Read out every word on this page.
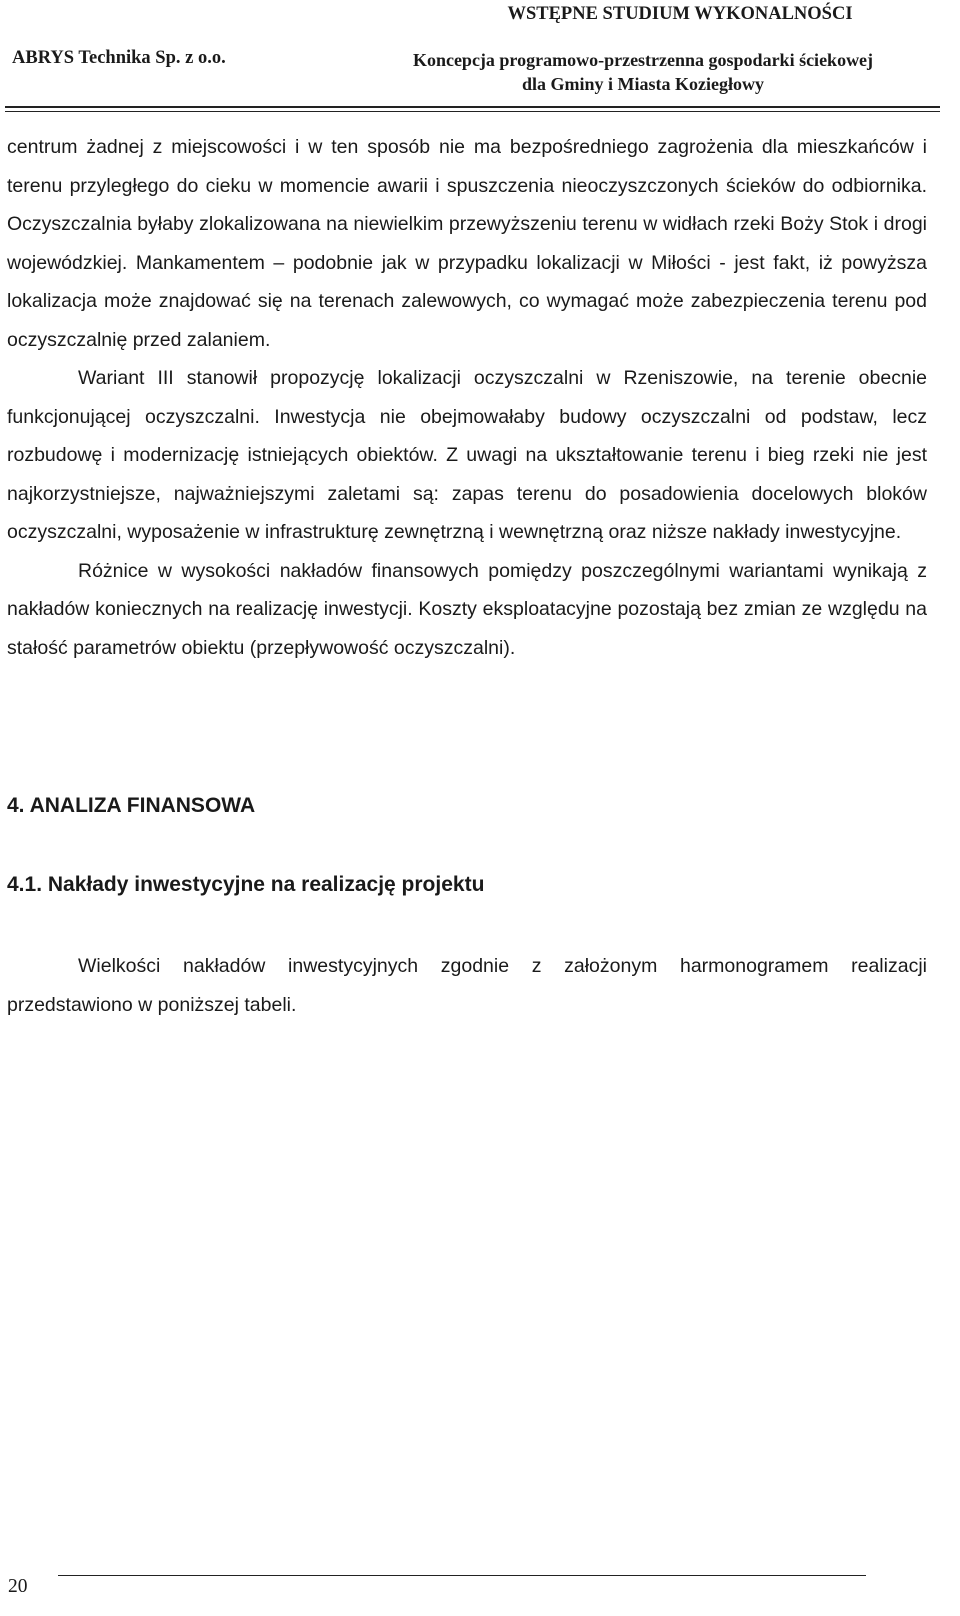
WSTĘPNE STUDIUM WYKONALNOŚCI
ABRYS Technika Sp. z o.o.	Koncepcja programowo-przestrzenna gospodarki ściekowej
dla Gminy i Miasta Koziegłowy

centrum żadnej z miejscowości i w ten sposób nie ma bezpośredniego zagrożenia dla mieszkańców i terenu przyległego do cieku w momencie awarii i spuszczenia nieoczyszczonych ścieków do odbiornika. Oczyszczalnia byłaby zlokalizowana na niewielkim przewyższeniu terenu w widłach rzeki Boży Stok i drogi wojewódzkiej. Mankamentem – podobnie jak w przypadku lokalizacji w Miłości - jest fakt, iż powyższa lokalizacja może znajdować się na terenach zalewowych, co wymagać może zabezpieczenia terenu pod oczyszczalnię przed zalaniem.

Wariant III stanowił propozycję lokalizacji oczyszczalni w Rzeniszowie, na terenie obecnie funkcjonującej oczyszczalni. Inwestycja nie obejmowałaby budowy oczyszczalni od podstaw, lecz rozbudowę i modernizację istniejących obiektów. Z uwagi na ukształtowanie terenu i bieg rzeki nie jest najkorzystniejsze, najważniejszymi zaletami są: zapas terenu do posadowienia docelowych bloków oczyszczalni, wyposażenie w infrastrukturę zewnętrzną i wewnętrzną oraz niższe nakłady inwestycyjne.

Różnice w wysokości nakładów finansowych pomiędzy poszczególnymi wariantami wynikają z nakładów koniecznych na realizację inwestycji. Koszty eksploatacyjne pozostają bez zmian ze względu na stałość parametrów obiektu (przepływowość oczyszczalni).

4. ANALIZA FINANSOWA
4.1. Nakłady inwestycyjne na realizację projektu

Wielkości nakładów inwestycyjnych zgodnie z założonym harmonogramem realizacji przedstawiono w poniższej tabeli.

20
